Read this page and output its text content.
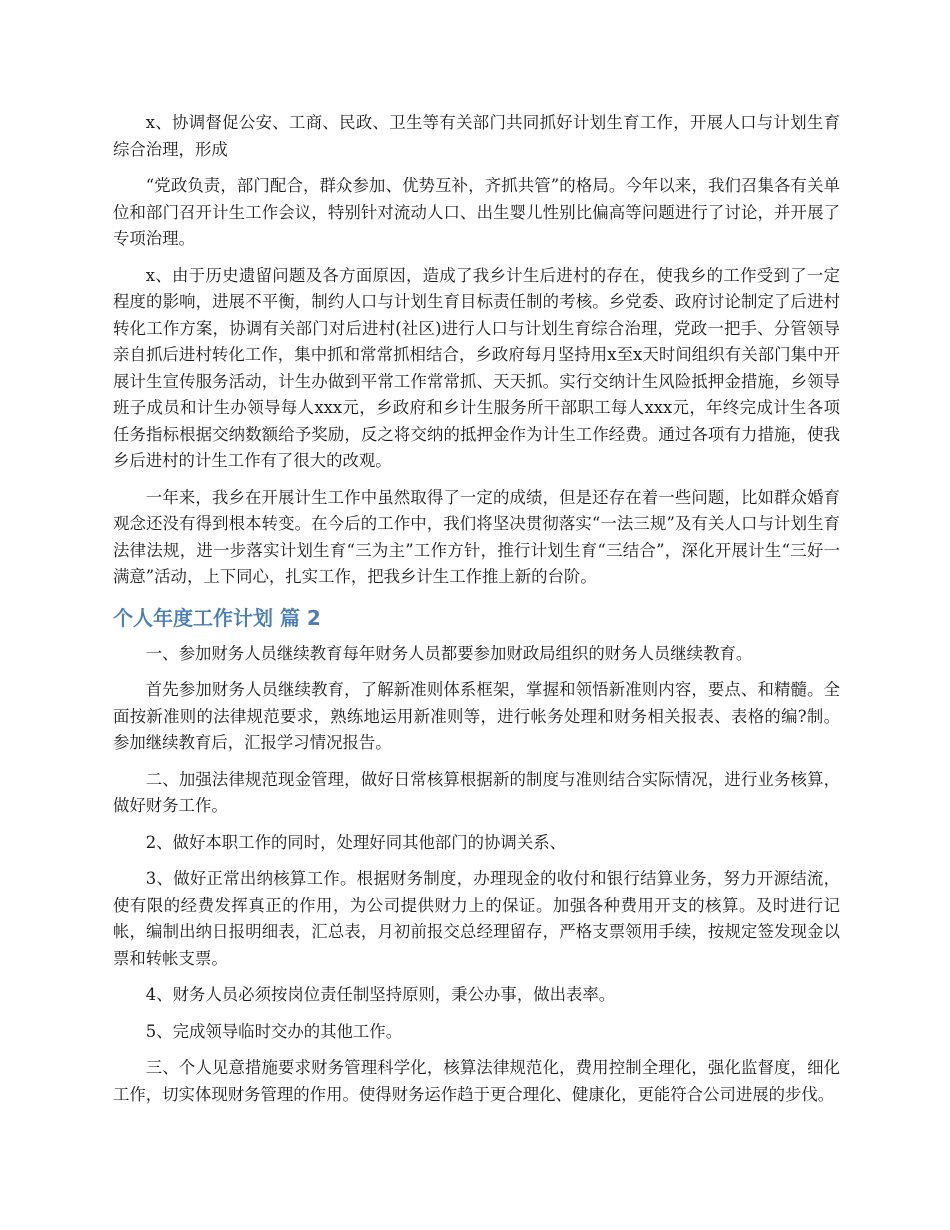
x、协调督促公安、工商、民政、卫生等有关部门共同抓好计划生育工作，开展人口与计划生育综合治理，形成

“党政负责，部门配合，群众参加、优势互补，齐抓共管”的格局。今年以来，我们召集各有关单位和部门召开计生工作会议，特别针对流动人口、出生婴儿性别比偏高等问题进行了讨论，并开展了专项治理。

x、由于历史遗留问题及各方面原因，造成了我乡计生后进村的存在，使我乡的工作受到了一定程度的影响，进展不平衡，制约人口与计划生育目标责任制的考核。乡党委、政府讨论制定了后进村转化工作方案，协调有关部门对后进村(社区)进行人口与计划生育综合治理，党政一把手、分管领导亲自抓后进村转化工作，集中抓和常常抓相结合，乡政府每月坚持用x至x天时间组织有关部门集中开展计生宣传服务活动，计生办做到平常工作常常抓、天天抓。实行交纳计生风险抵押金措施，乡领导班子成员和计生办领导每人xxx元，乡政府和乡计生服务所干部职工每人xxx元，年终完成计生各项任务指标根据交纳数额给予奖励，反之将交纳的抵押金作为计生工作经费。通过各项有力措施，使我乡后进村的计生工作有了很大的改观。

一年来，我乡在开展计生工作中虽然取得了一定的成绩，但是还存在着一些问题，比如群众婚育观念还没有得到根本转变。在今后的工作中，我们将坚决贯彻落实“一法三规”及有关人口与计划生育法律法规，进一步落实计划生育“三为主”工作方针，推行计划生育“三结合”，深化开展计生“三好一满意”活动，上下同心，扎实工作，把我乡计生工作推上新的台阶。

个人年度工作计划 篇 2

一、参加财务人员继续教育每年财务人员都要参加财政局组织的财务人员继续教育。

首先参加财务人员继续教育，了解新准则体系框架，掌握和领悟新准则内容，要点、和精髓。全面按新准则的法律规范要求，熟练地运用新准则等，进行帐务处理和财务相关报表、表格的编?制。参加继续教育后，汇报学习情况报告。

二、加强法律规范现金管理，做好日常核算根据新的制度与准则结合实际情况，进行业务核算，做好财务工作。

2、做好本职工作的同时，处理好同其他部门的协调关系、

3、做好正常出纳核算工作。根据财务制度，办理现金的收付和银行结算业务，努力开源结流，使有限的经费发挥真正的作用，为公司提供财力上的保证。加强各种费用开支的核算。及时进行记帐，编制出纳日报明细表，汇总表，月初前报交总经理留存，严格支票领用手续，按规定签发现金以票和转帐支票。

4、财务人员必须按岗位责任制坚持原则，秉公办事，做出表率。

5、完成领导临时交办的其他工作。

三、个人见意措施要求财务管理科学化，核算法律规范化，费用控制全理化，强化监督度，细化工作，切实体现财务管理的作用。使得财务运作趋于更合理化、健康化，更能符合公司进展的步伐。
